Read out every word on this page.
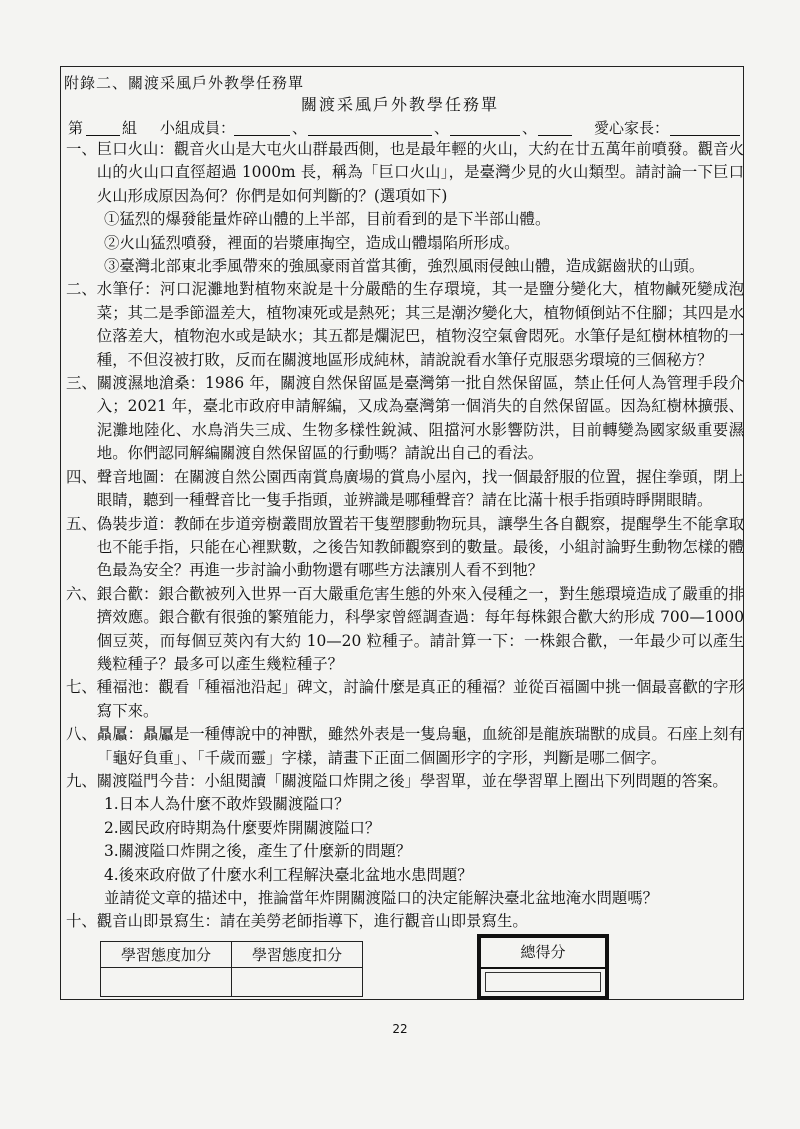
附錄二、關渡采風戶外教學任務單
關渡采風戶外教學任務單
第	組 小組成員：	、	、	、	愛心家長：
一、 巨口火山：觀音火山是大屯火山群最西側，也是最年輕的火山，大約在廿五萬年前噴發。觀音火山的火山口直徑超過 1000m 長，稱為「巨口火山」，是臺灣少見的火山類型。請討論一下巨口火山形成原因為何？你們是如何判斷的？(選項如下)
①猛烈的爆發能量炸碎山體的上半部，目前看到的是下半部山體。
②火山猛烈噴發，裡面的岩漿庫掏空，造成山體塌陷所形成。
③臺灣北部東北季風帶來的強風豪雨首當其衝，強烈風雨侵蝕山體，造成鋸齒狀的山頭。
二、 水筆仔：河口泥灘地對植物來說是十分嚴酷的生存環境，其一是鹽分變化大，植物鹹死變成泡菜；其二是季節溫差大，植物凍死或是熱死；其三是潮汐變化大，植物傾倒站不住腳；其四是水位落差大，植物泡水或是缺水；其五都是爛泥巴，植物沒空氣會悶死。水筆仔是紅樹林植物的一種，不但沒被打敗，反而在關渡地區形成純林，請說說看水筆仔克服惡劣環境的三個秘方？
三、 關渡濕地滄桑：1986 年，關渡自然保留區是臺灣第一批自然保留區，禁止任何人為管理手段介入；2021 年，臺北市政府申請解編，又成為臺灣第一個消失的自然保留區。因為紅樹林擴張、泥灘地陸化、水鳥消失三成、生物多樣性銳減、阻擋河水影響防洪，目前轉變為國家級重要濕地。你們認同解編關渡自然保留區的行動嗎？請說出自己的看法。
四、 聲音地圖：在關渡自然公園西南賞鳥廣場的賞鳥小屋內，找一個最舒服的位置，握住拳頭，閉上眼睛，聽到一種聲音比一隻手指頭，並辨識是哪種聲音？請在比滿十根手指頭時睜開眼睛。
五、 偽裝步道：教師在步道旁樹叢間放置若干隻塑膠動物玩具，讓學生各自觀察，提醒學生不能拿取也不能手指，只能在心裡默數，之後告知教師觀察到的數量。最後，小組討論野生動物怎樣的體色最為安全？再進一步討論小動物還有哪些方法讓別人看不到牠？
六、 銀合歡：銀合歡被列入世界一百大嚴重危害生態的外來入侵種之一，對生態環境造成了嚴重的排擠效應。銀合歡有很強的繁殖能力，科學家曾經調查過：每年每株銀合歡大約形成 700—1000 個豆莢，而每個豆莢內有大約 10—20 粒種子。請計算一下：一株銀合歡，一年最少可以產生幾粒種子？最多可以產生幾粒種子？
七、 種福池：觀看「種福池沿起」碑文，討論什麼是真正的種福？並從百福圖中挑一個最喜歡的字形寫下來。
八、 贔屭：贔屭是一種傳說中的神獸，雖然外表是一隻烏龜，血統卻是龍族瑞獸的成員。石座上刻有「龜好負重」、「千歲而靈」字樣，請畫下正面二個圖形字的字形，判斷是哪二個字。
九、 關渡隘門今昔：小組閱讀「關渡隘口炸開之後」學習單，並在學習單上圈出下列問題的答案。
1.日本人為什麼不敢炸毀關渡隘口？
2.國民政府時期為什麼要炸開關渡隘口？
3.關渡隘口炸開之後，產生了什麼新的問題？
4.後來政府做了什麼水利工程解決臺北盆地水患問題？
並請從文章的描述中，推論當年炸開關渡隘口的決定能解決臺北盆地淹水問題嗎？
十、 觀音山即景寫生：請在美勞老師指導下，進行觀音山即景寫生。
學習態度加分	學習態度扣分
		總得分
22
